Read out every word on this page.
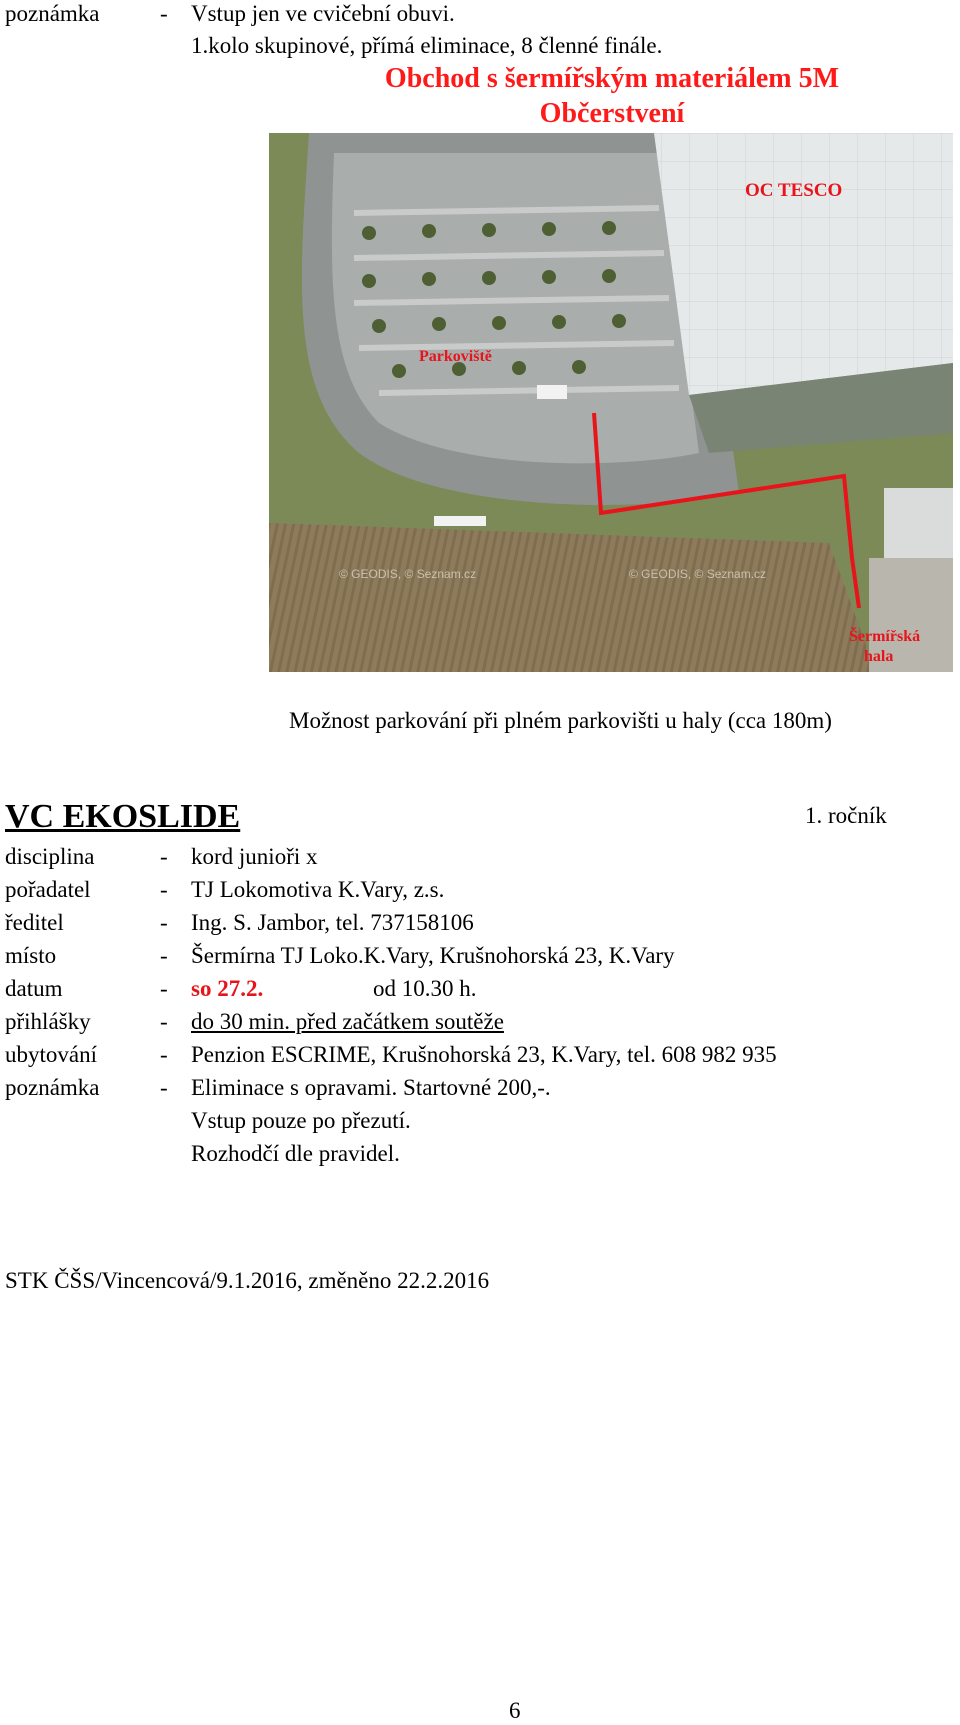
poznámka	- Vstup jen ve cvičební obuvi.
1.kolo skupinové, přímá eliminace, 8 členné finále.
Obchod s šermířským materiálem 5M
Občerstvení
OC TESCO
Parkoviště
Šermířská
hala
© GEODIS, © Seznam.cz	© GEODIS, © Seznam.cz
Možnost parkování při plném parkovišti u haly (cca 180m)
VC EKOSLIDE	1. ročník
disciplina	- kord junioři x
pořadatel	- TJ Lokomotiva K.Vary, z.s.
ředitel	- Ing. S. Jambor, tel. 737158106
místo	- Šermírna TJ Loko.K.Vary, Krušnohorská 23, K.Vary
datum	- so 27.2.	od 10.30 h.
přihlášky	- do 30 min. před začátkem soutěže
ubytování	- Penzion ESCRIME, Krušnohorská 23, K.Vary, tel. 608 982 935
poznámka	- Eliminace s opravami. Startovné 200,-.
Vstup pouze po přezutí.
Rozhodčí dle pravidel.
STK ČŠS/Vincencová/9.1.2016, změněno 22.2.2016
6
